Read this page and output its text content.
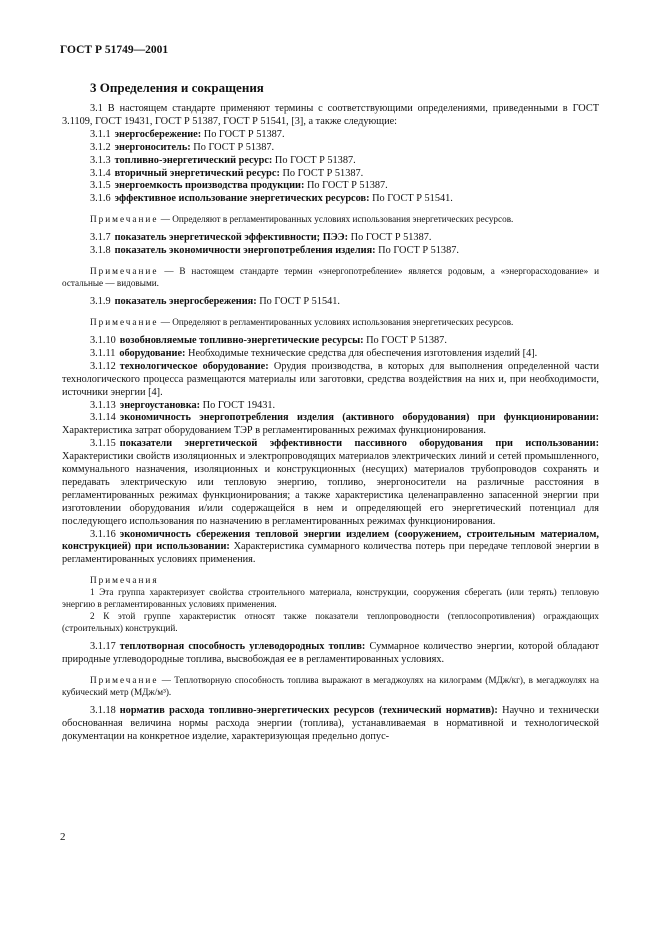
ГОСТ Р 51749—2001
3 Определения и сокращения

3.1 В настоящем стандарте применяют термины с соответствующими определениями, приведенными в ГОСТ 3.1109, ГОСТ 19431, ГОСТ Р 51387, ГОСТ Р 51541, [3], а также следующие:

3.1.1 энергосбережение: По ГОСТ Р 51387.

3.1.2 энергоноситель: По ГОСТ Р 51387.

3.1.3 топливно-энергетический ресурс: По ГОСТ Р 51387.

3.1.4 вторичный энергетический ресурс: По ГОСТ Р 51387.

3.1.5 энергоемкость производства продукции: По ГОСТ Р 51387.

3.1.6 эффективное использование энергетических ресурсов: По ГОСТ Р 51541.

Примечание — Определяют в регламентированных условиях использования энергетических ресурсов.

3.1.7 показатель энергетической эффективности; ПЭЭ: По ГОСТ Р 51387.

3.1.8 показатель экономичности энергопотребления изделия: По ГОСТ Р 51387.

Примечание — В настоящем стандарте термин «энергопотребление» является родовым, а «энергорасходование» и остальные — видовыми.

3.1.9 показатель энергосбережения: По ГОСТ Р 51541.

Примечание — Определяют в регламентированных условиях использования энергетических ресурсов.

3.1.10 возобновляемые топливно-энергетические ресурсы: По ГОСТ Р 51387.

3.1.11 оборудование: Необходимые технические средства для обеспечения изготовления изделий [4].

3.1.12 технологическое оборудование: Орудия производства, в которых для выполнения определенной части технологического процесса размещаются материалы или заготовки, средства воздействия на них и, при необходимости, источники энергии [4].

3.1.13 энергоустановка: По ГОСТ 19431.

3.1.14 экономичность энергопотребления изделия (активного оборудования) при функционировании: Характеристика затрат оборудованием ТЭР в регламентированных режимах функционирования.

3.1.15 показатели энергетической эффективности пассивного оборудования при использовании: Характеристики свойств изоляционных и электропроводящих материалов электрических линий и сетей промышленного, коммунального назначения, изоляционных и конструкционных (несущих) материалов трубопроводов сохранять и передавать электрическую или тепловую энергию, топливо, энергоносители на различные расстояния в регламентированных режимах функционирования; а также характеристика целенаправленно запасенной энергии при изготовлении оборудования и/или содержащейся в нем и определяющей его энергетический потенциал для последующего использования по назначению в регламентированных режимах функционирования.

3.1.16 экономичность сбережения тепловой энергии изделием (сооружением, строительным материалом, конструкцией) при использовании: Характеристика суммарного количества потерь при передаче тепловой энергии в регламентированных условиях применения.

Примечания

1 Эта группа характеризует свойства строительного материала, конструкции, сооружения сберегать (или терять) тепловую энергию в регламентированных условиях применения.

2 К этой группе характеристик относят также показатели теплопроводности (теплосопротивления) ограждающих (строительных) конструкций.

3.1.17 теплотворная способность углеводородных топлив: Суммарное количество энергии, которой обладают природные углеводородные топлива, высвобождая ее в регламентированных условиях.

Примечание — Теплотворную способность топлива выражают в мегаджоулях на килограмм (МДж/кг), в мегаджоулях на кубический метр (МДж/м³).

3.1.18 норматив расхода топливно-энергетических ресурсов (технический норматив): Научно и технически обоснованная величина нормы расхода энергии (топлива), устанавливаемая в нормативной и технологической документации на конкретное изделие, характеризующая предельно допус-

2
